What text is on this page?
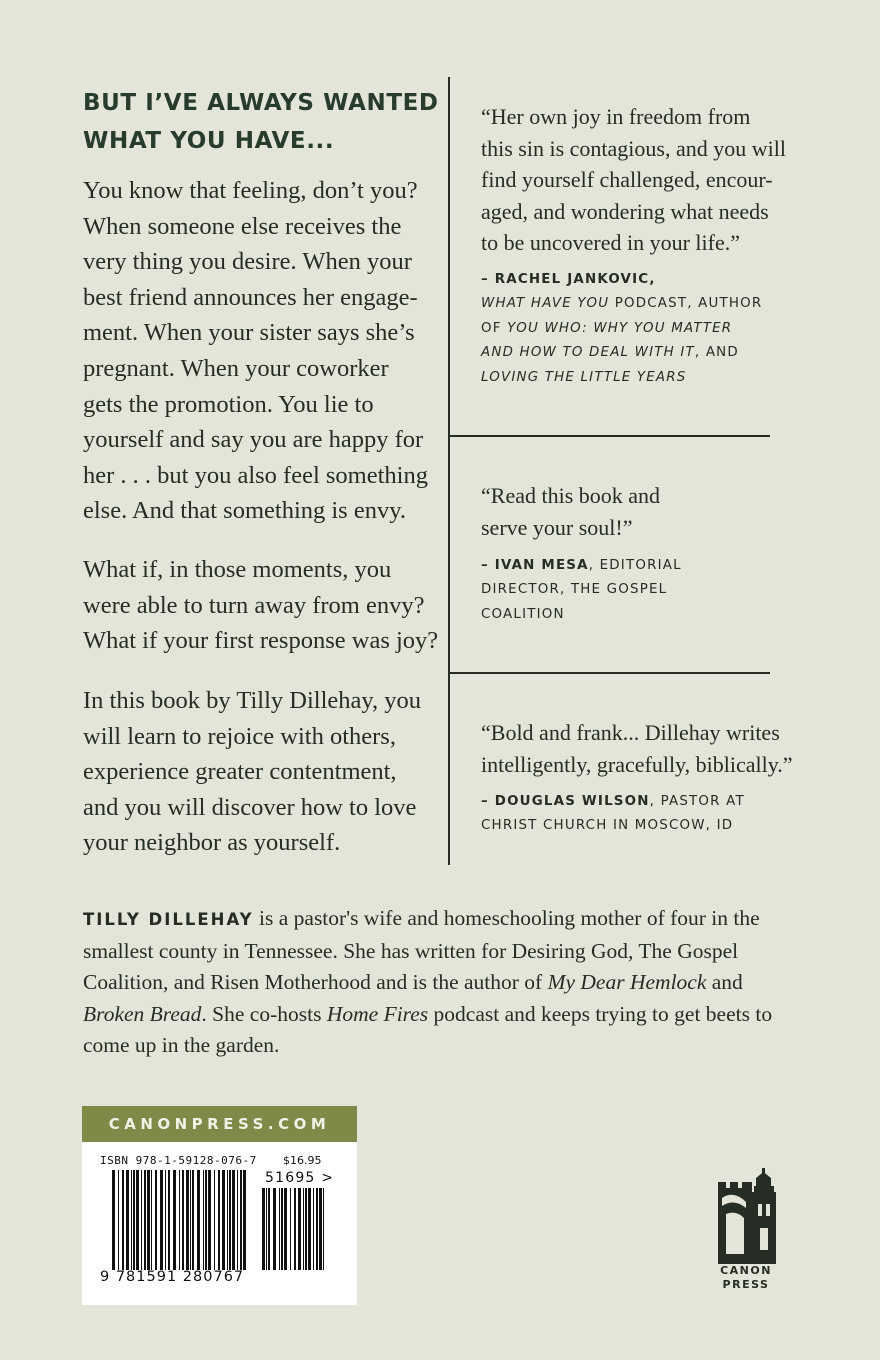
BUT I’VE ALWAYS WANTED
WHAT YOU HAVE...
You know that feeling, don’t you?
When someone else receives the
very thing you desire. When your
best friend announces her engage-
ment. When your sister says she’s
pregnant. When your coworker
gets the promotion. You lie to
yourself and say you are happy for
her . . . but you also feel something
else. And that something is envy.
What if, in those moments, you
were able to turn away from envy?
What if your first response was joy?
In this book by Tilly Dillehay, you
will learn to rejoice with others,
experience greater contentment,
and you will discover how to love
your neighbor as yourself.
“Her own joy in freedom from
this sin is contagious, and you will
find yourself challenged, encour-
aged, and wondering what needs
to be uncovered in your life.”
– RACHEL JANKOVIC,
WHAT HAVE YOU PODCAST, AUTHOR
OF YOU WHO: WHY YOU MATTER
AND HOW TO DEAL WITH IT, AND
LOVING THE LITTLE YEARS
“Read this book and
serve your soul!”
– IVAN MESA, EDITORIAL
DIRECTOR, THE GOSPEL
COALITION
“Bold and frank... Dillehay writes
intelligently, gracefully, biblically.”
– DOUGLAS WILSON, PASTOR AT
CHRIST CHURCH IN MOSCOW, ID
TILLY DILLEHAY is a pastor's wife and homeschooling mother of four in the
smallest county in Tennessee. She has written for Desiring God, The Gospel
Coalition, and Risen Motherhood and is the author of My Dear Hemlock and
Broken Bread. She co-hosts Home Fires podcast and keeps trying to get beets to
come up in the garden.
CANONPRESS.COM
ISBN 978-1-59128-076-7 $16.95
51695 >
9 781591 280767	CANON
PRESS
